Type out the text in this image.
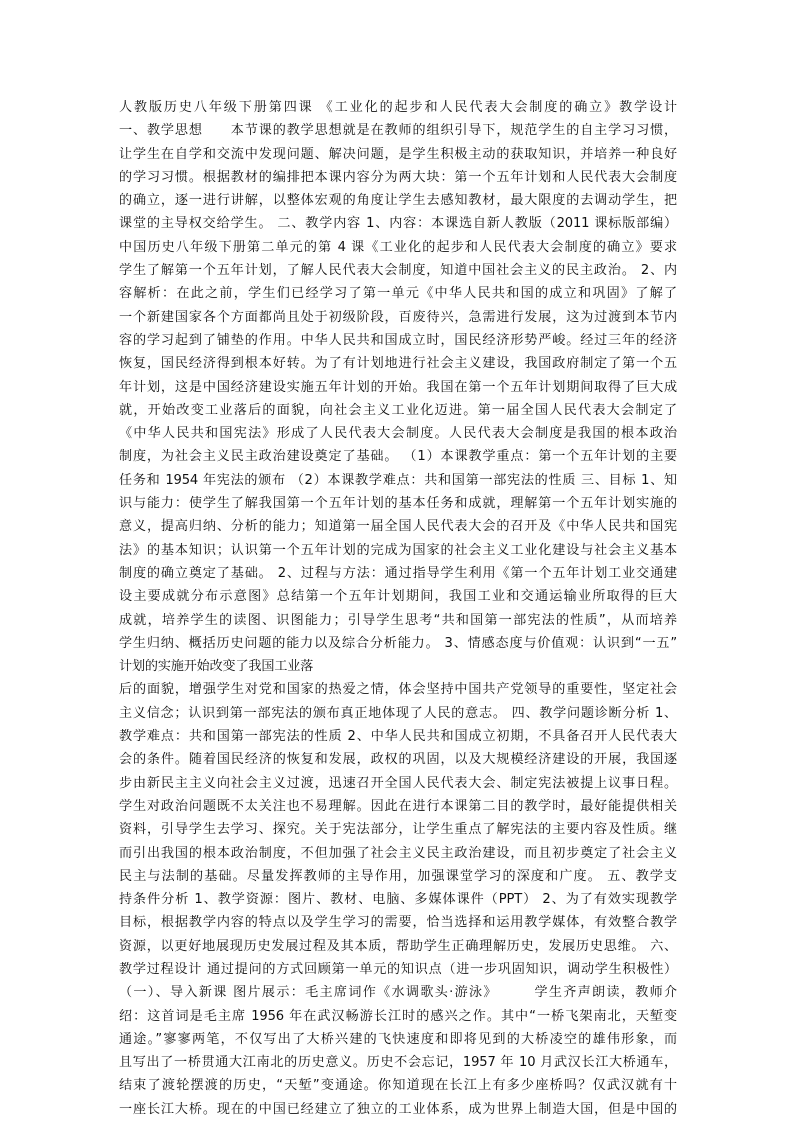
人教版历史八年级下册第四课 《工业化的起步和人民代表大会制度的确立》教学设计
一、教学思想　　本节课的教学思想就是在教师的组织引导下，规范学生的自主学习习惯，
让学生在自学和交流中发现问题、解决问题，是学生积极主动的获取知识，并培养一种良好
的学习习惯。根据教材的编排把本课内容分为两大块：第一个五年计划和人民代表大会制度
的确立，逐一进行讲解，以整体宏观的角度让学生去感知教材，最大限度的去调动学生，把
课堂的主导权交给学生。 二、教学内容 1、内容：本课选自新人教版（2011 课标版部编）
中国历史八年级下册第二单元的第 4 课《工业化的起步和人民代表大会制度的确立》要求
学生了解第一个五年计划，了解人民代表大会制度，知道中国社会主义的民主政治。 2、内
容解析：在此之前，学生们已经学习了第一单元《中华人民共和国的成立和巩固》了解了
一个新建国家各个方面都尚且处于初级阶段，百废待兴，急需进行发展，这为过渡到本节内
容的学习起到了铺垫的作用。中华人民共和国成立时，国民经济形势严峻。经过三年的经济
恢复，国民经济得到根本好转。为了有计划地进行社会主义建设，我国政府制定了第一个五
年计划，这是中国经济建设实施五年计划的开始。我国在第一个五年计划期间取得了巨大成
就，开始改变工业落后的面貌，向社会主义工业化迈进。第一届全国人民代表大会制定了
《中华人民共和国宪法》形成了人民代表大会制度。人民代表大会制度是我国的根本政治
制度，为社会主义民主政治建设奠定了基础。 （1）本课教学重点：第一个五年计划的主要
任务和 1954 年宪法的颁布 （2）本课教学难点：共和国第一部宪法的性质 三、目标 1、知
识与能力：使学生了解我国第一个五年计划的基本任务和成就，理解第一个五年计划实施的
意义，提高归纳、分析的能力；知道第一届全国人民代表大会的召开及《中华人民共和国宪
法》的基本知识；认识第一个五年计划的完成为国家的社会主义工业化建设与社会主义基本
制度的确立奠定了基础。 2、过程与方法：通过指导学生利用《第一个五年计划工业交通建
设主要成就分布示意图》总结第一个五年计划期间，我国工业和交通运输业所取得的巨大
成就，培养学生的读图、识图能力；引导学生思考“共和国第一部宪法的性质”，从而培养
学生归纳、概括历史问题的能力以及综合分析能力。 3、情感态度与价值观：认识到“一五”
计划的实施开始改变了我国工业落
后的面貌，增强学生对党和国家的热爱之情，体会坚持中国共产党领导的重要性，坚定社会
主义信念；认识到第一部宪法的颁布真正地体现了人民的意志。 四、教学问题诊断分析 1、
教学难点：共和国第一部宪法的性质 2、中华人民共和国成立初期，不具备召开人民代表大
会的条件。随着国民经济的恢复和发展，政权的巩固，以及大规模经济建设的开展，我国逐
步由新民主主义向社会主义过渡，迅速召开全国人民代表大会、制定宪法被提上议事日程。
学生对政治问题既不太关注也不易理解。因此在进行本课第二目的教学时，最好能提供相关
资料，引导学生去学习、探究。关于宪法部分，让学生重点了解宪法的主要内容及性质。继
而引出我国的根本政治制度，不但加强了社会主义民主政治建设，而且初步奠定了社会主义
民主与法制的基础。尽量发挥教师的主导作用，加强课堂学习的深度和广度。 五、教学支
持条件分析 1、教学资源：图片、教材、电脑、多媒体课件（PPT） 2、为了有效实现教学
目标，根据教学内容的特点以及学生学习的需要，恰当选择和运用教学媒体，有效整合教学
资源，以更好地展现历史发展过程及其本质，帮助学生正确理解历史，发展历史思维。 六、
教学过程设计 通过提问的方式回顾第一单元的知识点（进一步巩固知识，调动学生积极性）
（一）、导入新课 图片展示：毛主席词作《水调歌头·游泳》　　　学生齐声朗读，教师介
绍：这首词是毛主席 1956 年在武汉畅游长江时的感兴之作。其中“一桥飞架南北，天堑变
通途。”寥寥两笔，不仅写出了大桥兴建的飞快速度和即将见到的大桥凌空的雄伟形象，而
且写出了一桥贯通大江南北的历史意义。历史不会忘记，1957 年 10 月武汉长江大桥通车，
结束了渡轮摆渡的历史，“天堑”变通途。你知道现在长江上有多少座桥吗？仅武汉就有十
一座长江大桥。现在的中国已经建立了独立的工业体系，成为世界上制造大国，但是中国的
